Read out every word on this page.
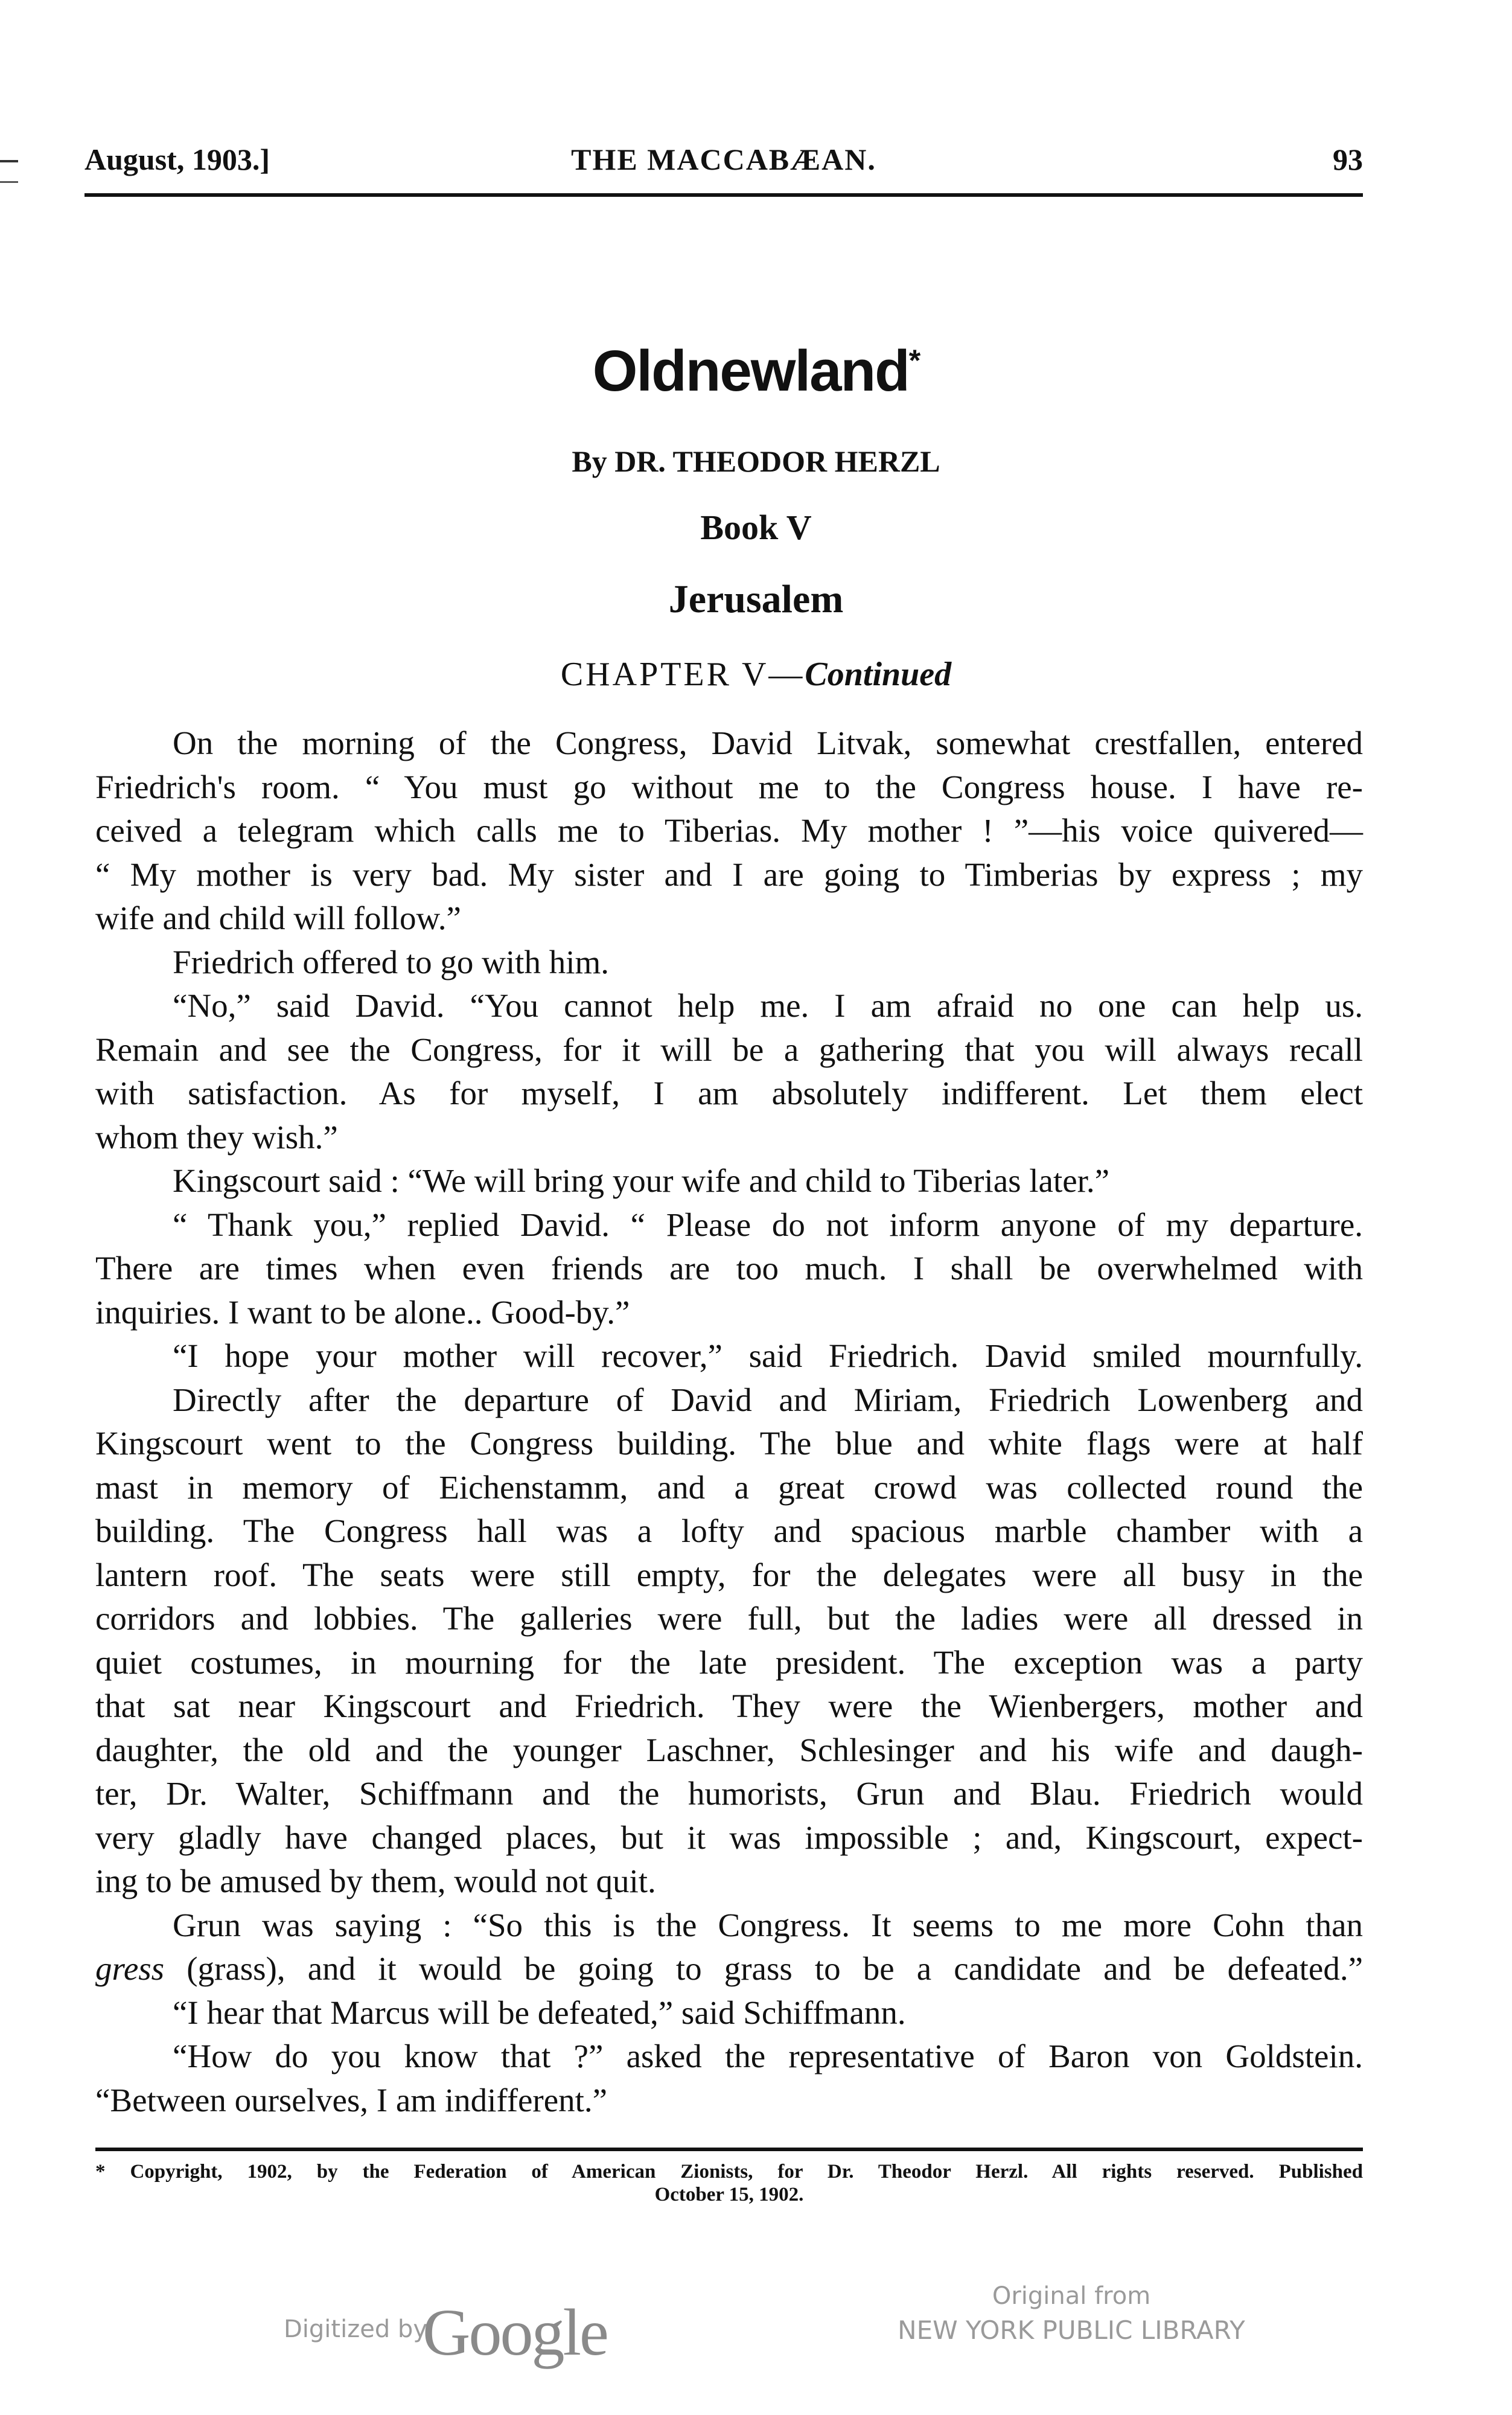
August, 1903.]	THE MACCABÆAN.	93
Oldnewland*
By DR. THEODOR HERZL
Book V
Jerusalem
CHAPTER V—Continued
On the morning of the Congress, David Litvak, somewhat crestfallen, entered
Friedrich's room. “ You must go without me to the Congress house. I have re-
ceived a telegram which calls me to Tiberias. My mother ! ”—his voice quivered—
“ My mother is very bad. My sister and I are going to Timberias by express ; my
wife and child will follow.”
Friedrich offered to go with him.
“No,” said David. “You cannot help me. I am afraid no one can help us.
Remain and see the Congress, for it will be a gathering that you will always recall
with satisfaction. As for myself, I am absolutely indifferent. Let them elect
whom they wish.”
Kingscourt said : “We will bring your wife and child to Tiberias later.”
“ Thank you,” replied David. “ Please do not inform anyone of my departure.
There are times when even friends are too much. I shall be overwhelmed with
inquiries. I want to be alone.. Good-by.”
“I hope your mother will recover,” said Friedrich. David smiled mournfully.
Directly after the departure of David and Miriam, Friedrich Lowenberg and
Kingscourt went to the Congress building. The blue and white flags were at half
mast in memory of Eichenstamm, and a great crowd was collected round the
building. The Congress hall was a lofty and spacious marble chamber with a
lantern roof. The seats were still empty, for the delegates were all busy in the
corridors and lobbies. The galleries were full, but the ladies were all dressed in
quiet costumes, in mourning for the late president. The exception was a party
that sat near Kingscourt and Friedrich. They were the Wienbergers, mother and
daughter, the old and the younger Laschner, Schlesinger and his wife and daugh-
ter, Dr. Walter, Schiffmann and the humorists, Grun and Blau. Friedrich would
very gladly have changed places, but it was impossible ; and, Kingscourt, expect-
ing to be amused by them, would not quit.
Grun was saying : “So this is the Congress. It seems to me more Cohn than
gress (grass), and it would be going to grass to be a candidate and be defeated.”
“I hear that Marcus will be defeated,” said Schiffmann.
“How do you know that ?” asked the representative of Baron von Goldstein.
“Between ourselves, I am indifferent.”
* Copyright, 1902, by the Federation of American Zionists, for Dr. Theodor Herzl. All rights reserved. Published
October 15, 1902.
Digitized by
Google	Original from
NEW YORK PUBLIC LIBRARY
